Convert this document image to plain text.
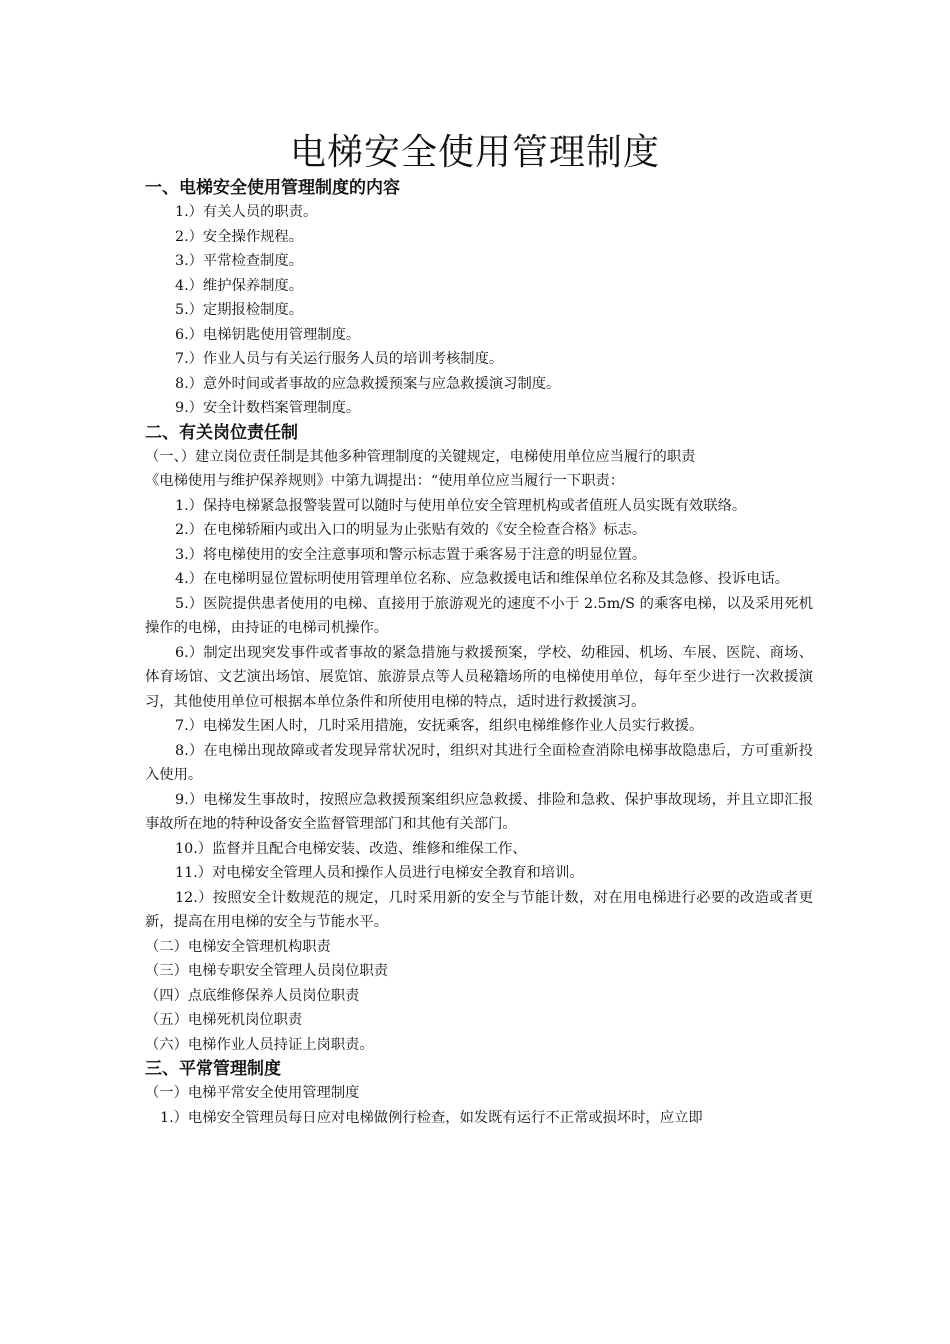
电梯安全使用管理制度
一、电梯安全使用管理制度的内容
1.）有关人员的职责。
2.）安全操作规程。
3.）平常检查制度。
4.）维护保养制度。
5.）定期报检制度。
6.）电梯钥匙使用管理制度。
7.）作业人员与有关运行服务人员的培训考核制度。
8.）意外时间或者事故的应急救援预案与应急救援演习制度。
9.）安全计数档案管理制度。
二、有关岗位责任制
（一、）建立岗位责任制是其他多种管理制度的关键规定，电梯使用单位应当履行的职责
《电梯使用与维护保养规则》中第九调提出：“使用单位应当履行一下职责：
1.）保持电梯紧急报警装置可以随时与使用单位安全管理机构或者值班人员实既有效联络。
2.）在电梯轿厢内或出入口的明显为止张贴有效的《安全检查合格》标志。
3.）将电梯使用的安全注意事项和警示标志置于乘客易于注意的明显位置。
4.）在电梯明显位置标明使用管理单位名称、应急救援电话和维保单位名称及其急修、投诉电话。
5.）医院提供患者使用的电梯、直接用于旅游观光的速度不小于 2.5m/S 的乘客电梯，以及采用死机操作的电梯，由持证的电梯司机操作。
6.）制定出现突发事件或者事故的紧急措施与救援预案，学校、幼稚园、机场、车展、医院、商场、体育场馆、文艺演出场馆、展览馆、旅游景点等人员秘籍场所的电梯使用单位，每年至少进行一次救援演习，其他使用单位可根据本单位条件和所使用电梯的特点，适时进行救援演习。
7.）电梯发生困人时，几时采用措施，安抚乘客，组织电梯维修作业人员实行救援。
8.）在电梯出现故障或者发现异常状况时，组织对其进行全面检查消除电梯事故隐患后，方可重新投入使用。
9.）电梯发生事故时，按照应急救援预案组织应急救援、排险和急救、保护事故现场，并且立即汇报事故所在地的特种设备安全监督管理部门和其他有关部门。
10.）监督并且配合电梯安装、改造、维修和维保工作、
11.）对电梯安全管理人员和操作人员进行电梯安全教育和培训。
12.）按照安全计数规范的规定，几时采用新的安全与节能计数，对在用电梯进行必要的改造或者更新，提高在用电梯的安全与节能水平。
（二）电梯安全管理机构职责
（三）电梯专职安全管理人员岗位职责
（四）点底维修保养人员岗位职责
（五）电梯死机岗位职责
（六）电梯作业人员持证上岗职责。
三、平常管理制度
（一）电梯平常安全使用管理制度
1.）电梯安全管理员每日应对电梯做例行检查，如发既有运行不正常或损坏时，应立即
